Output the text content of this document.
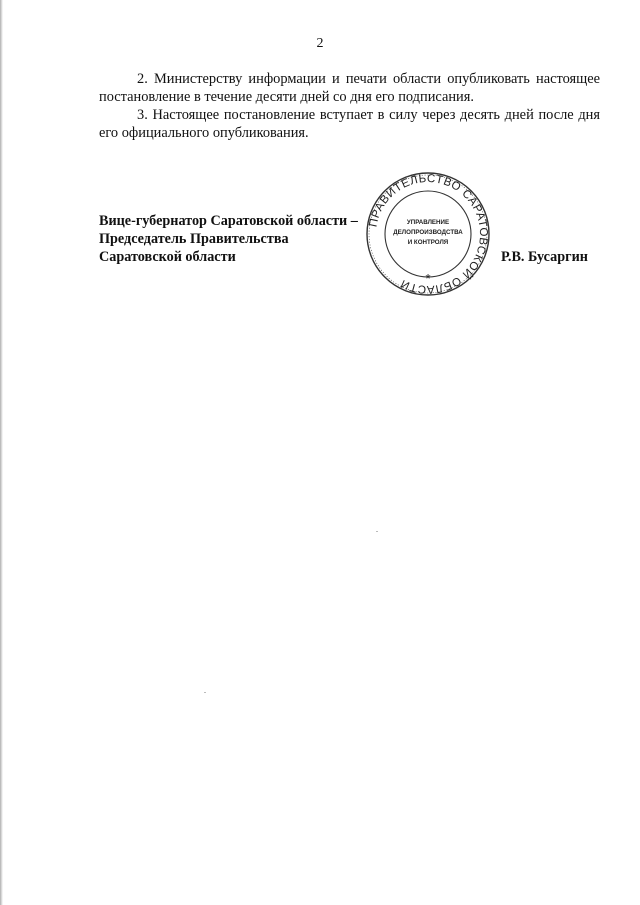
2

2. Министерству информации и печати области опубликовать настоящее постановление в течение десяти дней со дня его подписания.

3. Настоящее постановление вступает в силу через десять дней после дня его официального опубликования.

Вице-губернатор Саратовской области –
Председатель Правительства
Саратовской области	Р.В. Бусаргин
ПРАВИТЕЛЬСТВО САРАТОВСКОЙ ОБЛАСТИ
УПРАВЛЕНИЕ
ДЕЛОПРОИЗВОДСТВА
И КОНТРОЛЯ
*
